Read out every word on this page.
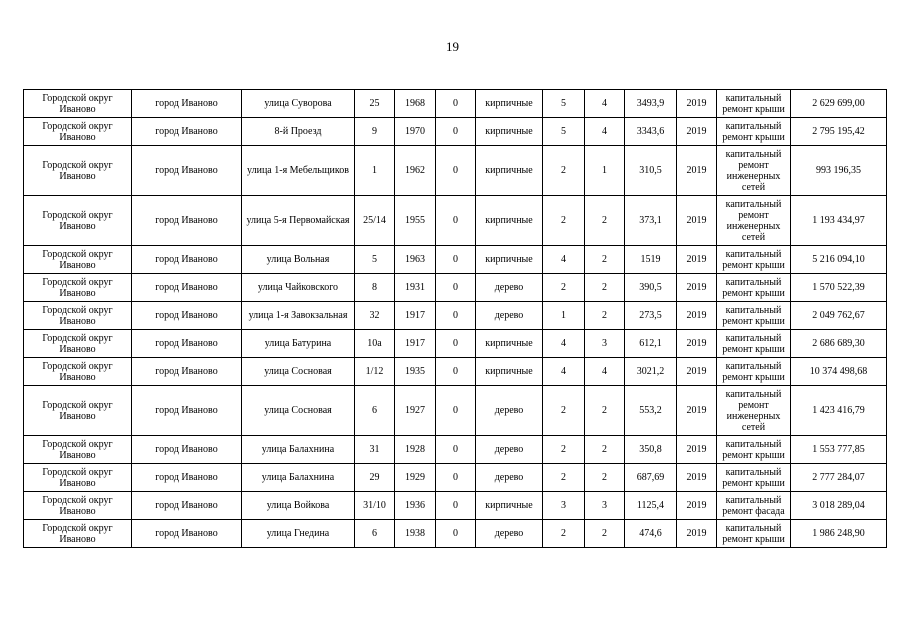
19
Городской округ Иваново	город Иваново	улица Суворова	25	1968	0	кирпичные	5	4	3493,9	2019	капитальный ремонт крыши	2 629 699,00
Городской округ Иваново	город Иваново	8-й Проезд	9	1970	0	кирпичные	5	4	3343,6	2019	капитальный ремонт крыши	2 795 195,42
Городской округ Иваново	город Иваново	улица 1-я Мебельщиков	1	1962	0	кирпичные	2	1	310,5	2019	капитальный ремонт инженерных сетей	993 196,35
Городской округ Иваново	город Иваново	улица 5-я Первомайская	25/14	1955	0	кирпичные	2	2	373,1	2019	капитальный ремонт инженерных сетей	1 193 434,97
Городской округ Иваново	город Иваново	улица Вольная	5	1963	0	кирпичные	4	2	1519	2019	капитальный ремонт крыши	5 216 094,10
Городской округ Иваново	город Иваново	улица Чайковского	8	1931	0	дерево	2	2	390,5	2019	капитальный ремонт крыши	1 570 522,39
Городской округ Иваново	город Иваново	улица 1-я Завокзальная	32	1917	0	дерево	1	2	273,5	2019	капитальный ремонт крыши	2 049 762,67
Городской округ Иваново	город Иваново	улица Батурина	10а	1917	0	кирпичные	4	3	612,1	2019	капитальный ремонт крыши	2 686 689,30
Городской округ Иваново	город Иваново	улица Сосновая	1/12	1935	0	кирпичные	4	4	3021,2	2019	капитальный ремонт крыши	10 374 498,68
Городской округ Иваново	город Иваново	улица Сосновая	6	1927	0	дерево	2	2	553,2	2019	капитальный ремонт инженерных сетей	1 423 416,79
Городской округ Иваново	город Иваново	улица Балахнина	31	1928	0	дерево	2	2	350,8	2019	капитальный ремонт крыши	1 553 777,85
Городской округ Иваново	город Иваново	улица Балахнина	29	1929	0	дерево	2	2	687,69	2019	капитальный ремонт крыши	2 777 284,07
Городской округ Иваново	город Иваново	улица Войкова	31/10	1936	0	кирпичные	3	3	1125,4	2019	капитальный ремонт фасада	3 018 289,04
Городской округ Иваново	город Иваново	улица Гнедина	6	1938	0	дерево	2	2	474,6	2019	капитальный ремонт крыши	1 986 248,90
